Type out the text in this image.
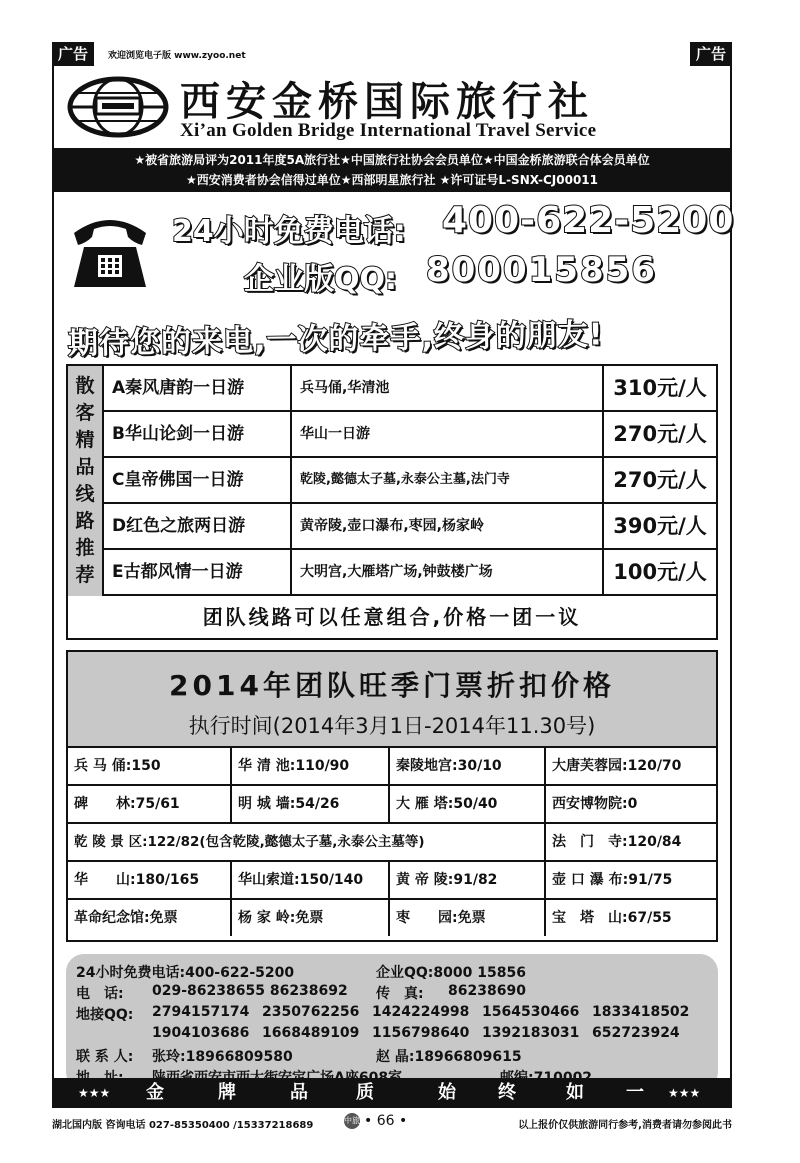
广告	欢迎浏览电子版 www.zyoo.net	广告
西安金桥国际旅行社
Xi’an Golden Bridge International Travel Service
★被省旅游局评为2011年度5A旅行社★中国旅行社协会会员单位★中国金桥旅游联合体会员单位
★西安消费者协会信得过单位★西部明星旅行社 ★许可证号L-SNX-CJ00011
24小时免费电话: 400-622-5200
企业版QQ: 800015856
期待您的来电,一次的牵手,终身的朋友!
散
客
精
品
线
路
推
荐
A秦风唐韵一日游	兵马俑,华清池	310元/人
B华山论剑一日游	华山一日游	270元/人
C皇帝佛国一日游	乾陵,懿德太子墓,永泰公主墓,法门寺	270元/人
D红色之旅两日游	黄帝陵,壶口瀑布,枣园,杨家岭	390元/人
E古都风情一日游	大明宫,大雁塔广场,钟鼓楼广场	100元/人
团队线路可以任意组合,价格一团一议
2014年团队旺季门票折扣价格
执行时间(2014年3月1日-2014年11.30号)
兵 马 俑:150	华 清 池:110/90	秦陵地宫:30/10	大唐芙蓉园:120/70
碑　　林:75/61	明 城 墙:54/26	大 雁 塔:50/40	西安博物院:0
乾 陵 景 区:122/82(包含乾陵,懿德太子墓,永泰公主墓等)	法　门　寺:120/84
华　　山:180/165	华山索道:150/140	黄 帝 陵:91/82	壶 口 瀑 布:91/75
革命纪念馆:免票	杨 家 岭:免票	枣　　园:免票	宝　塔　山:67/55
24小时免费电话:400-622-5200	企业QQ:8000 15856
电　话: 029-86238655 86238692 传　真: 86238690
地接QQ: 2794157174 2350762256 1424224998 1564530466 1833418502
1904103686 1668489109 1156798640 1392183031 652723924
联 系 人: 张玲:18966809580	赵 晶:18966809615
★★★ 金	牌	品	质	始 终	如 一 ★★★
湖北国内版 咨询电话 027-85350400 /15337218689	中旅 • 66 •	以上报价仅供旅游同行参考,消费者请勿参阅此书
